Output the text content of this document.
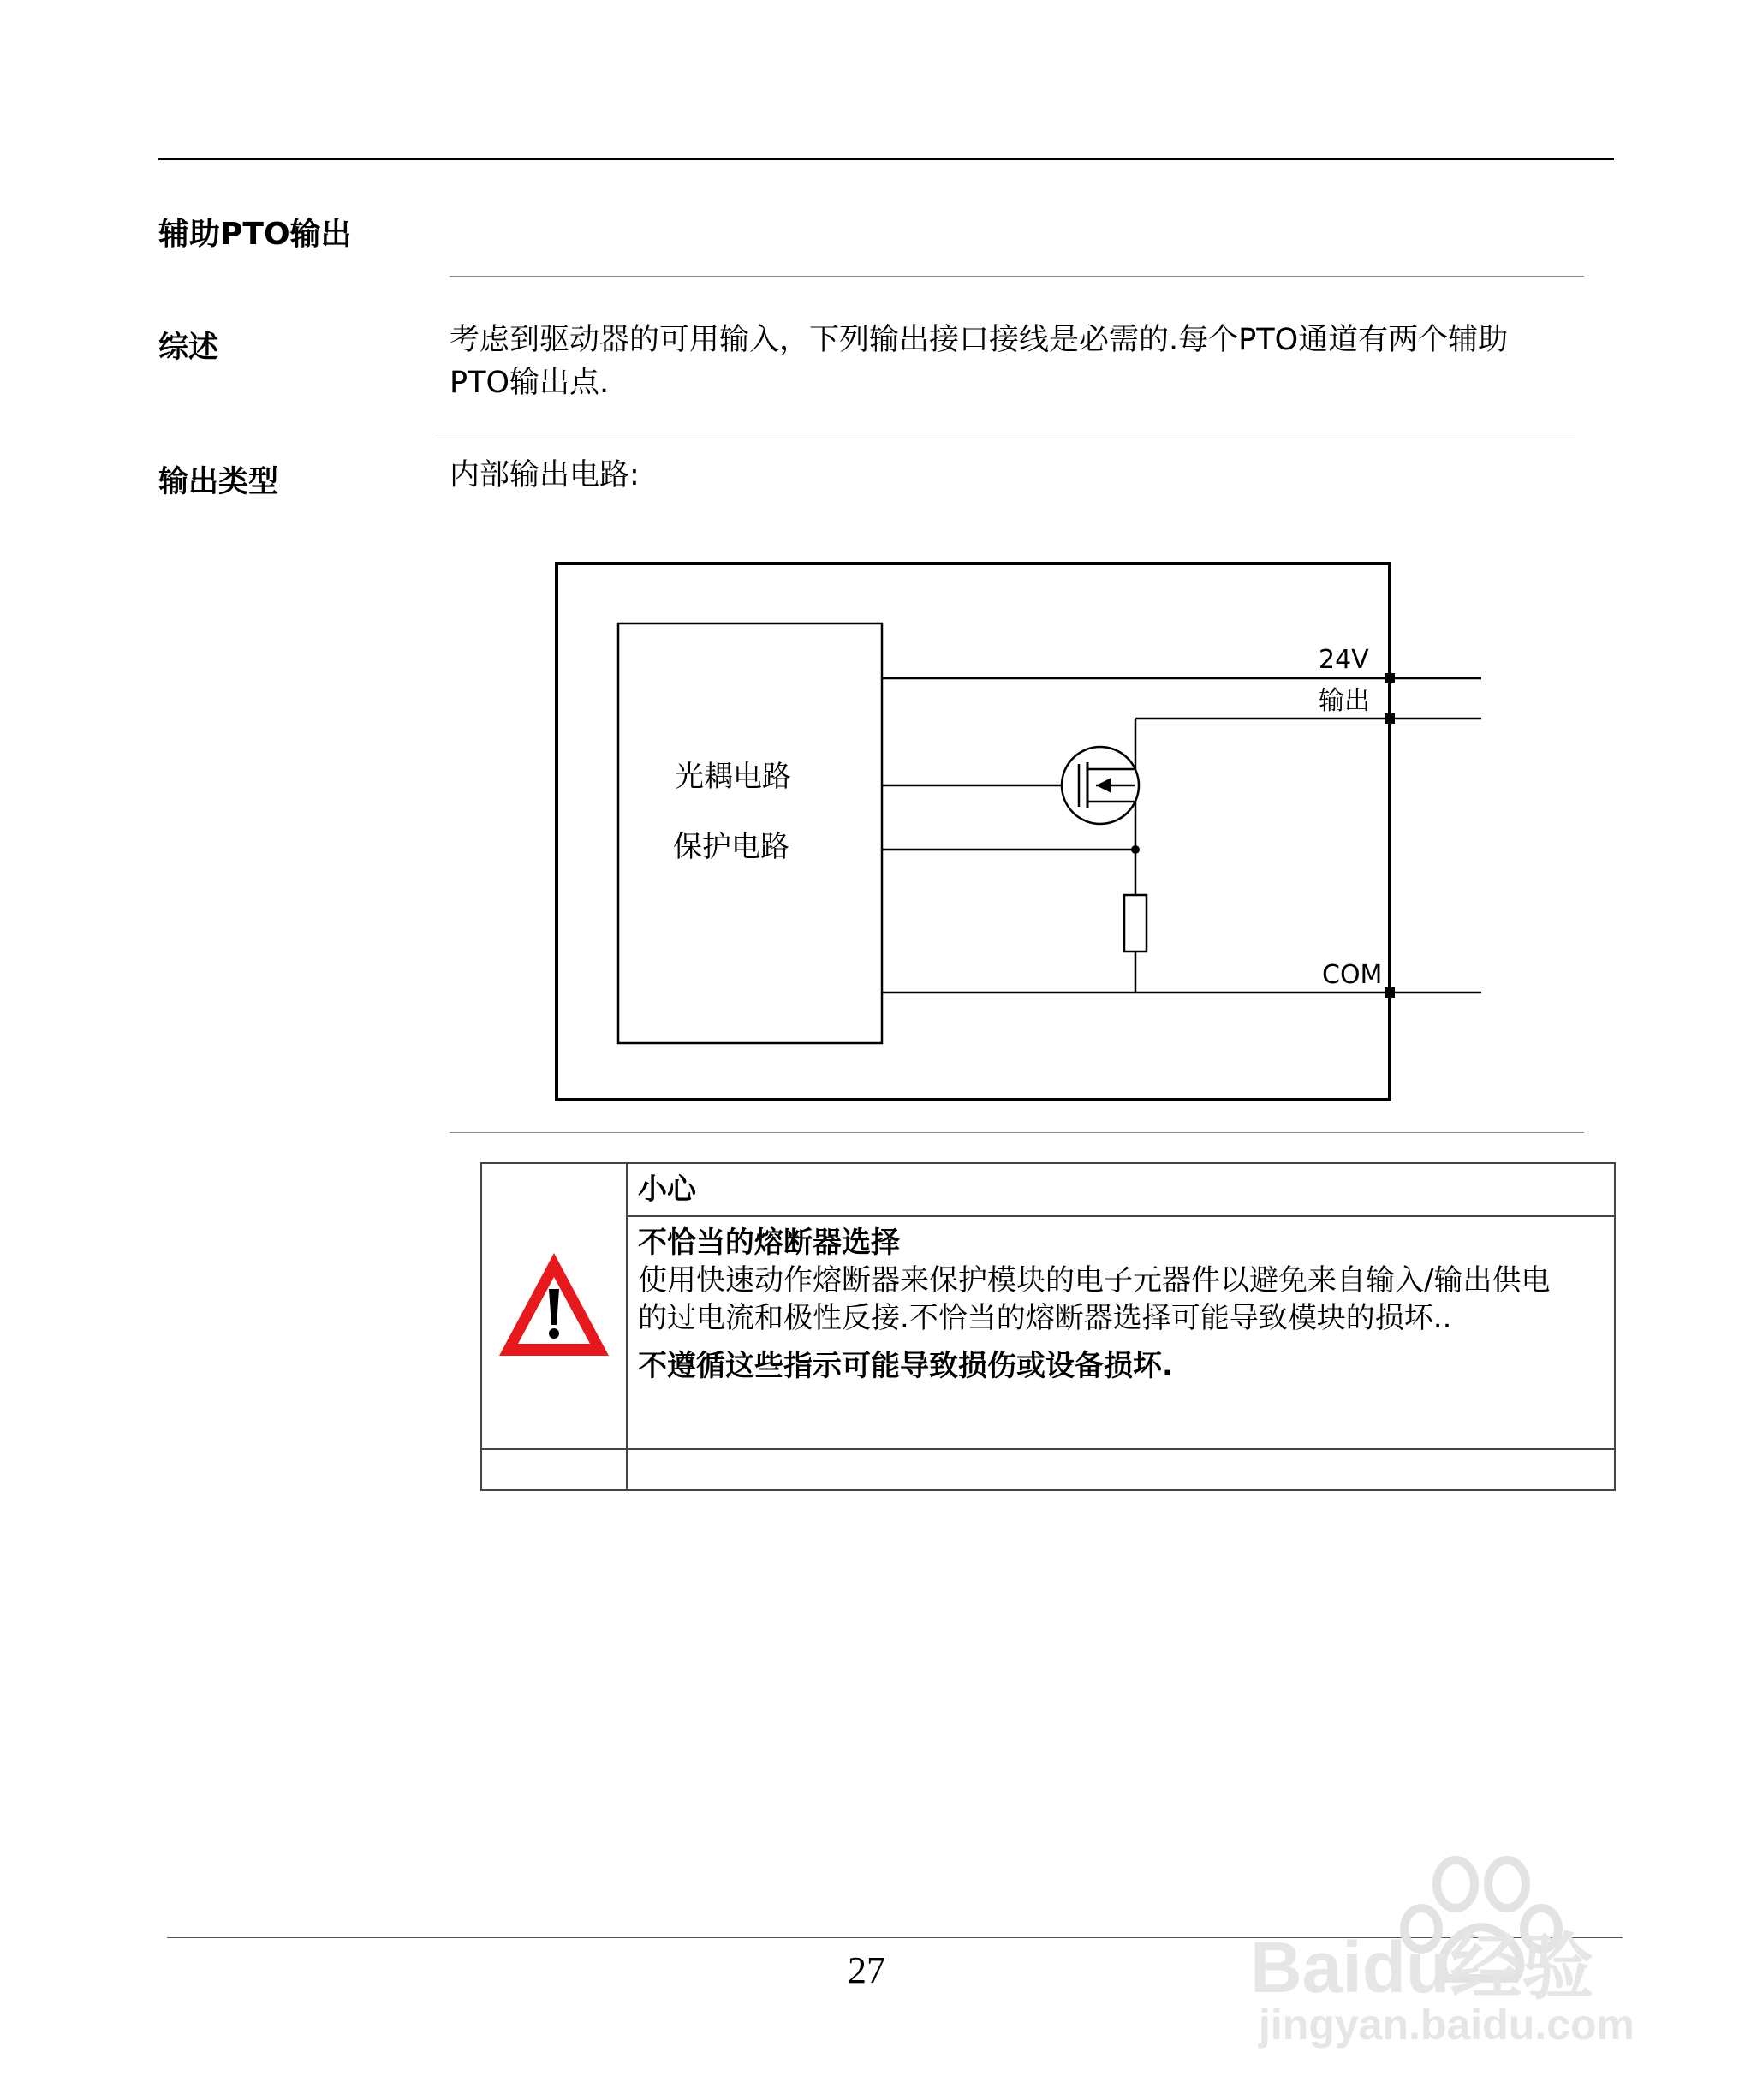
辅助PTO输出
综述	考虑到驱动器的可用输入，下列输出接口接线是必需的.每个PTO通道有两个辅助
PTO输出点.
输出类型	内部输出电路:
光耦电路
保护电路
24V
输出
COM

小心

	不恰当的熔断器选择
使用快速动作熔断器来保护模块的电子元器件以避免来自输入/输出供电
的过电流和极性反接.不恰当的熔断器选择可能导致模块的损坏..
不遵循这些指示可能导致损伤或设备损坏.

27	Baidu经验
jingyan.baidu.com
